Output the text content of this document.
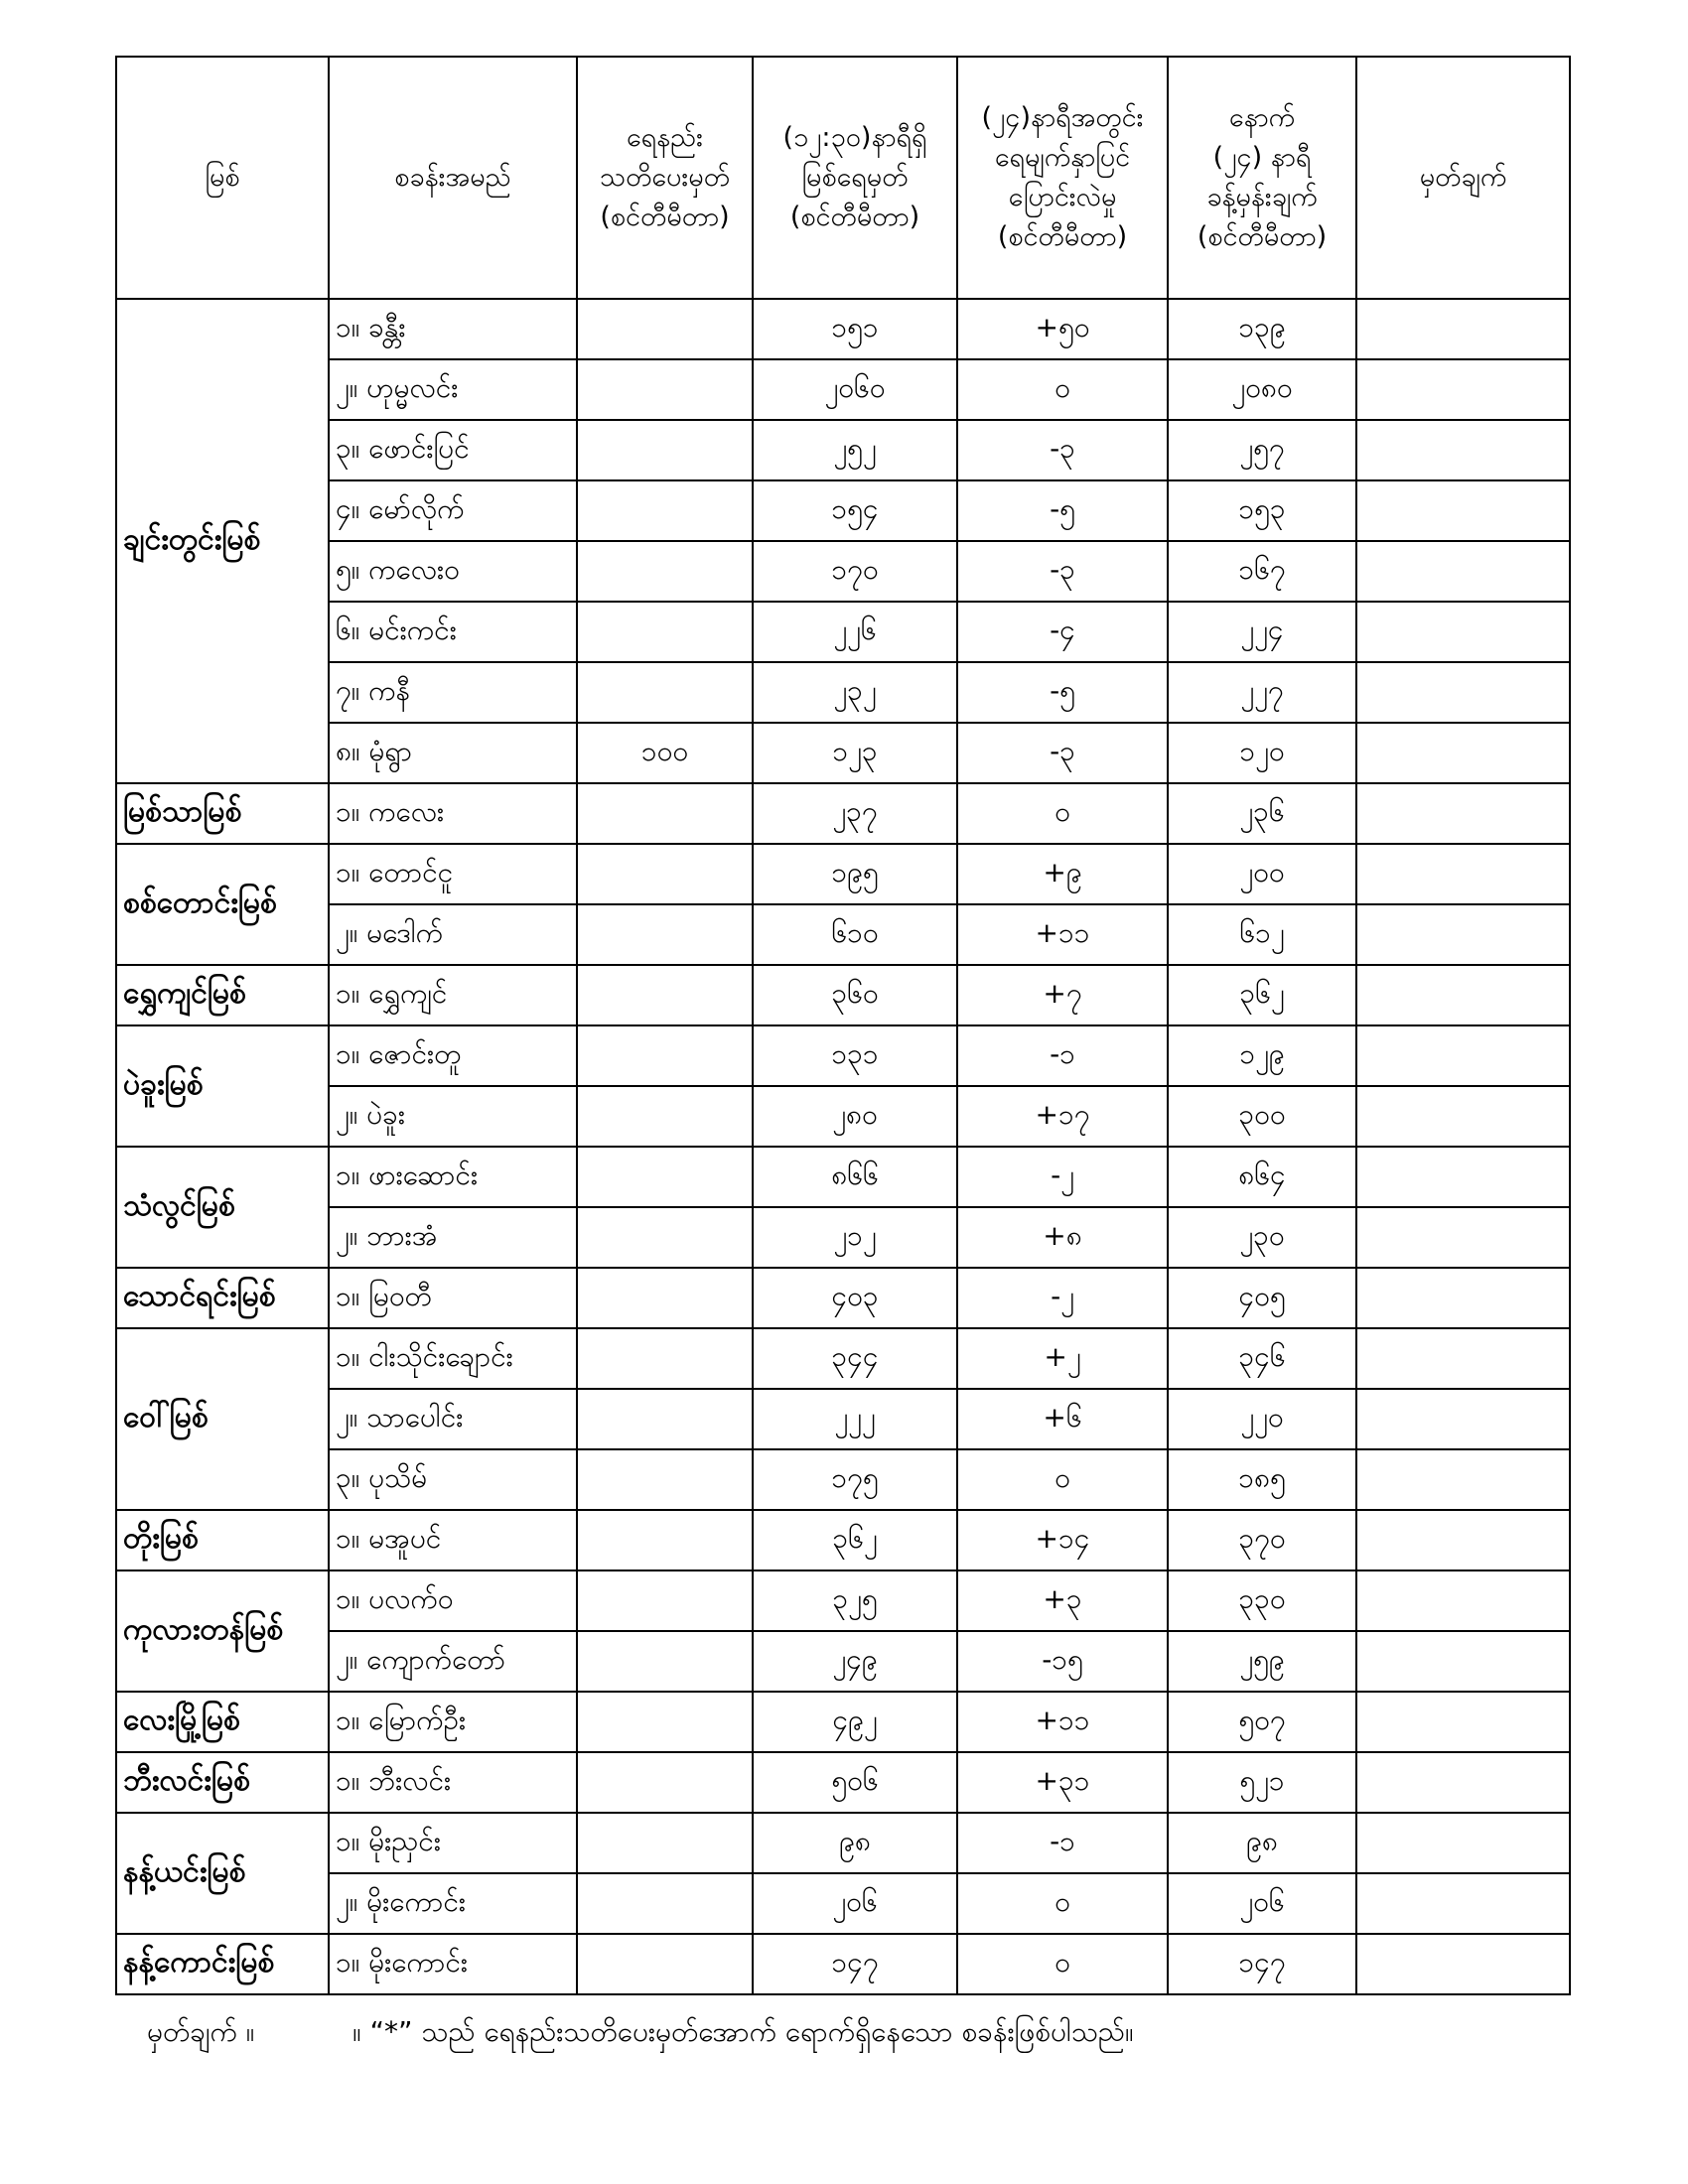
မြစ်	စခန်းအမည်	ရေနည်း
သတိပေးမှတ်
(စင်တီမီတာ)	(၁၂:၃၀)နာရီရှိ
မြစ်ရေမှတ်
(စင်တီမီတာ)	(၂၄)နာရီအတွင်း
ရေမျက်နှာပြင်
ပြောင်းလဲမှု
(စင်တီမီတာ)	နောက်
(၂၄) နာရီ
ခန့်မှန်းချက်
(စင်တီမီတာ)	မှတ်ချက်
ချင်းတွင်းမြစ်	၁။ ခန္တီး		၁၅၁	+၅၀	၁၃၉	
	၂။ ဟုမ္မလင်း		၂၀၆၀	၀	၂၀၈၀	
	၃။ ဖောင်းပြင်		၂၅၂	-၃	၂၅၇	
	၄။ မော်လိုက်		၁၅၄	-၅	၁၅၃	
	၅။ ကလေးဝ		၁၇၀	-၃	၁၆၇	
	၆။ မင်းကင်း		၂၂၆	-၄	၂၂၄	
	၇။ ကနီ		၂၃၂	-၅	၂၂၇	
	၈။ မုံရွာ	၁၀၀	၁၂၃	-၃	၁၂၀	
မြစ်သာမြစ်	၁။ ကလေး		၂၃၇	၀	၂၃၆	
စစ်တောင်းမြစ်	၁။ တောင်ငူ		၁၉၅	+၉	၂၀၀	
	၂။ မဒေါက်		၆၁၀	+၁၁	၆၁၂	
ရွှေကျင်မြစ်	၁။ ရွှေကျင်		၃၆၀	+၇	၃၆၂	
ပဲခူးမြစ်	၁။ ဇောင်းတူ		၁၃၁	-၁	၁၂၉	
	၂။ ပဲခူး		၂၈၀	+၁၇	၃၀၀	
သံလွင်မြစ်	၁။ ဖားဆောင်း		၈၆၆	-၂	၈၆၄	
	၂။ ဘားအံ		၂၁၂	+၈	၂၃၀	
သောင်ရင်းမြစ်	၁။ မြဝတီ		၄၀၃	-၂	၄၀၅	
ဝေါ်မြစ်	၁။ ငါးသိုင်းချောင်း		၃၄၄	+၂	၃၄၆	
	၂။ သာပေါင်း		၂၂၂	+၆	၂၂၀	
	၃။ ပုသိမ်		၁၇၅	၀	၁၈၅	
တိုးမြစ်	၁။ မအူပင်		၃၆၂	+၁၄	၃၇၀	
ကုလားတန်မြစ်	၁။ ပလက်ဝ		၃၂၅	+၃	၃၃၀	
	၂။ ကျောက်တော်		၂၄၉	-၁၅	၂၅၉	
လေးမြို့မြစ်	၁။ မြောက်ဦး		၄၉၂	+၁၁	၅၀၇	
ဘီးလင်းမြစ်	၁။ ဘီးလင်း		၅၀၆	+၃၁	၅၂၁	
နန့်ယင်းမြစ်	၁။ မိုးညှင်း		၉၈	-၁	၉၈	
	၂။ မိုးကောင်း		၂၀၆	၀	၂၀၆	
နန့်ကောင်းမြစ်	၁။ မိုးကောင်း		၁၄၇	၀	၁၄၇	
မှတ်ချက် ။	။ “*” သည် ရေနည်းသတိပေးမှတ်အောက် ရောက်ရှိနေသော စခန်းဖြစ်ပါသည်။
